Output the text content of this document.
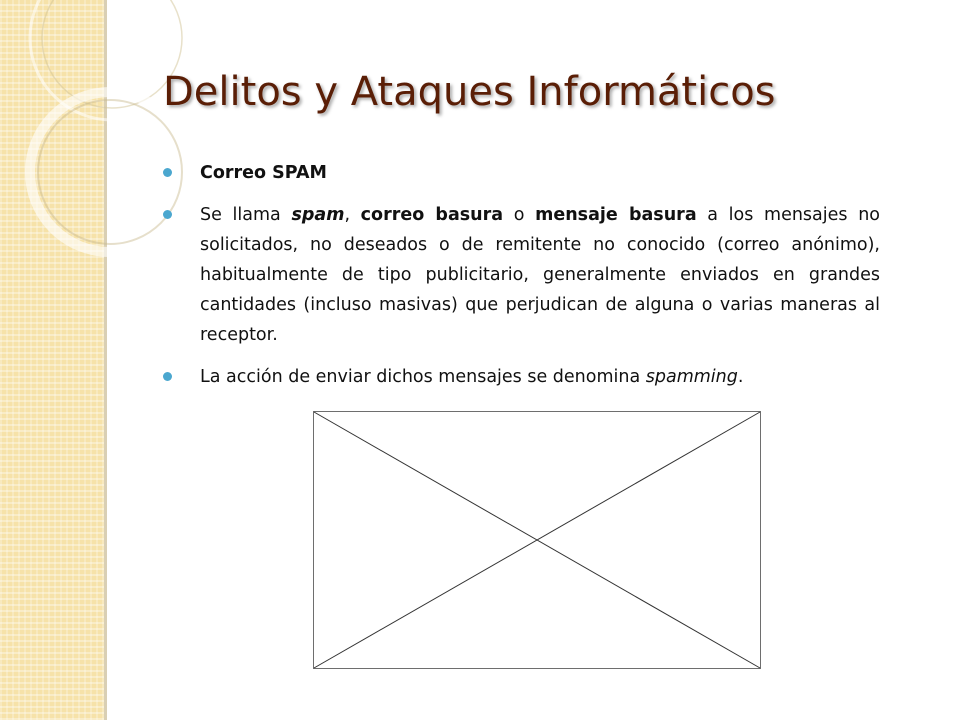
Delitos y Ataques Informáticos
Correo SPAM
Se llama spam, correo basura o mensaje basura a los mensajes no solicitados, no deseados o de remitente no conocido (correo anónimo), habitualmente de tipo publicitario, generalmente enviados en grandes cantidades (incluso masivas) que perjudican de alguna o varias maneras al receptor.
La acción de enviar dichos mensajes se denomina spamming.
